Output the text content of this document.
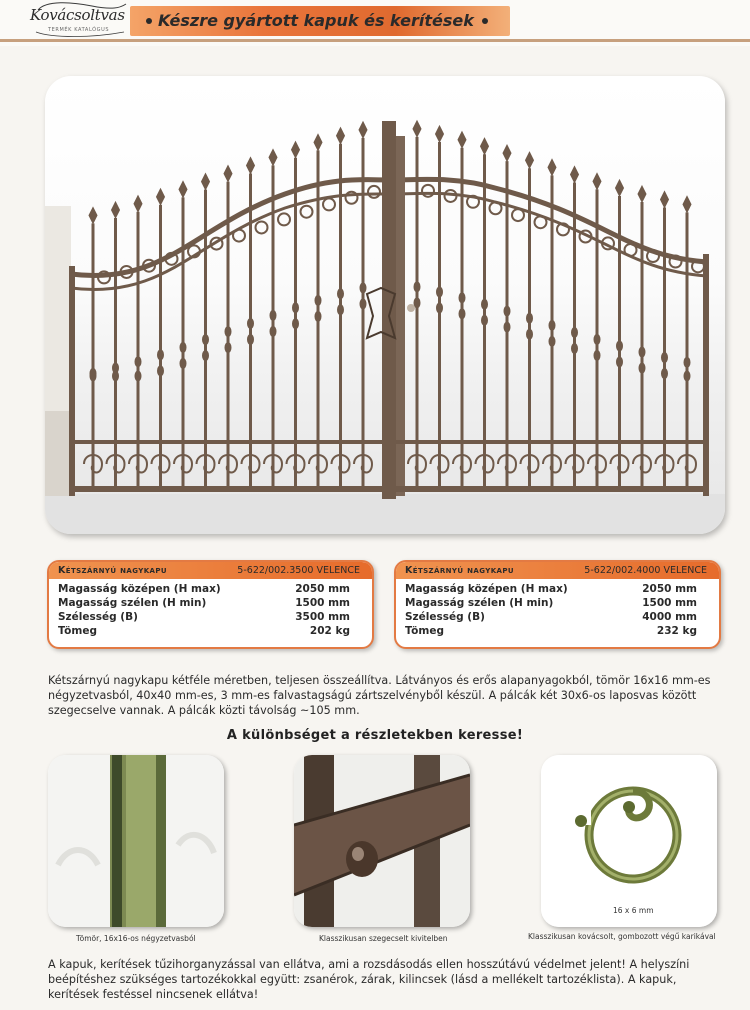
Kovácsoltvas
TERMÉK KATALÓGUS	Készre gyártott kapuk és kerítések
Kétszárnyú nagykapu	5-622/002.3500 VELENCE
Magasság középen (H max)	2050 mm
Magasság szélen (H min)	1500 mm
Szélesség (B)	3500 mm
Tömeg	202 kg
Kétszárnyú nagykapu	5-622/002.4000 VELENCE
Magasság középen (H max)	2050 mm
Magasság szélen (H min)	1500 mm
Szélesség (B)	4000 mm
Tömeg	232 kg

Kétszárnyú nagykapu kétféle méretben, teljesen összeállítva. Látványos és erős alapanyagokból, tömör 16x16 mm-es négyzetvasból, 40x40 mm-es, 3 mm-es falvastagságú zártszelvényből készül. A pálcák két 30x6-os laposvas között szegecselve vannak. A pálcák közti távolság ~105 mm.

A különbséget a részletekben keresse!
Tömör, 16x16-os négyzetvasból	Klasszikusan szegecselt kivitelben
16 x 6 mm
Klasszikusan kovácsolt, gombozott végű karikával

A kapuk, kerítések tűzihorganyzással van ellátva, ami a rozsdásodás ellen hosszútávú védelmet jelent! A helyszíni beépítéshez szükséges tartozékokkal együtt: zsanérok, zárak, kilincsek (lásd a mellékelt tartozéklista). A kapuk, kerítések festéssel nincsenek ellátva!
